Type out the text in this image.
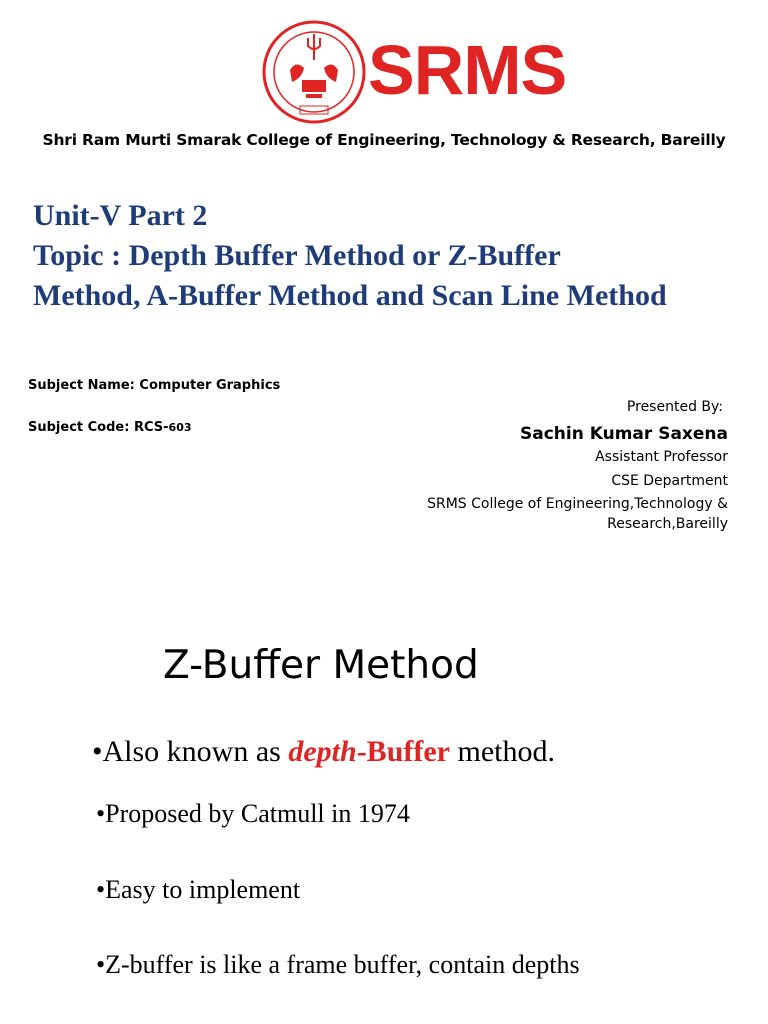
SRMS
Shri Ram Murti Smarak College of Engineering, Technology & Research, Bareilly
Unit-V Part 2
Topic : Depth Buffer Method or Z-Buffer Method, A-Buffer Method and Scan Line Method
Subject Name: Computer Graphics
Subject Code: RCS-603
Presented By:
Sachin Kumar Saxena
Assistant Professor
CSE Department
SRMS College of Engineering,Technology &
Research,Bareilly
Z-Buffer Method
•Also known as depth-Buffer method.
•Proposed by Catmull in 1974
•Easy to implement
•Z-buffer is like a frame buffer, contain depths
